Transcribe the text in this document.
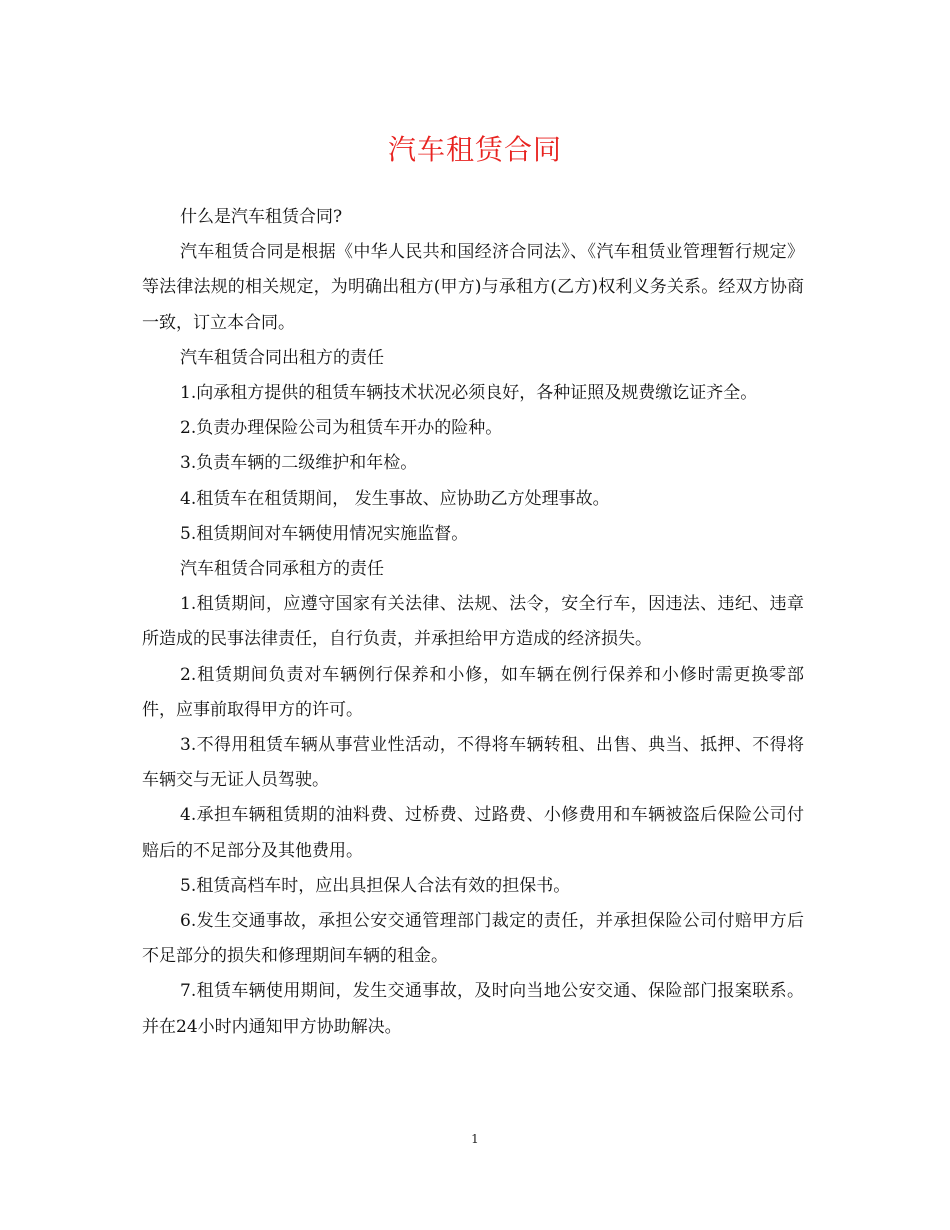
汽车租赁合同

什么是汽车租赁合同?

汽车租赁合同是根据《中华人民共和国经济合同法》、《汽车租赁业管理暂行规定》等法律法规的相关规定，为明确出租方(甲方)与承租方(乙方)权利义务关系。经双方协商一致，订立本合同。

汽车租赁合同出租方的责任

1.向承租方提供的租赁车辆技术状况必须良好，各种证照及规费缴讫证齐全。

2.负责办理保险公司为租赁车开办的险种。

3.负责车辆的二级维护和年检。

4.租赁车在租赁期间， 发生事故、应协助乙方处理事故。

5.租赁期间对车辆使用情况实施监督。

汽车租赁合同承租方的责任

1.租赁期间，应遵守国家有关法律、法规、法令，安全行车，因违法、违纪、违章所造成的民事法律责任，自行负责，并承担给甲方造成的经济损失。

2.租赁期间负责对车辆例行保养和小修，如车辆在例行保养和小修时需更换零部件，应事前取得甲方的许可。

3.不得用租赁车辆从事营业性活动，不得将车辆转租、出售、典当、抵押、不得将车辆交与无证人员驾驶。

4.承担车辆租赁期的油料费、过桥费、过路费、小修费用和车辆被盗后保险公司付赔后的不足部分及其他费用。

5.租赁高档车时，应出具担保人合法有效的担保书。

6.发生交通事故，承担公安交通管理部门裁定的责任，并承担保险公司付赔甲方后不足部分的损失和修理期间车辆的租金。

7.租赁车辆使用期间，发生交通事故，及时向当地公安交通、保险部门报案联系。并在24小时内通知甲方协助解决。

1
